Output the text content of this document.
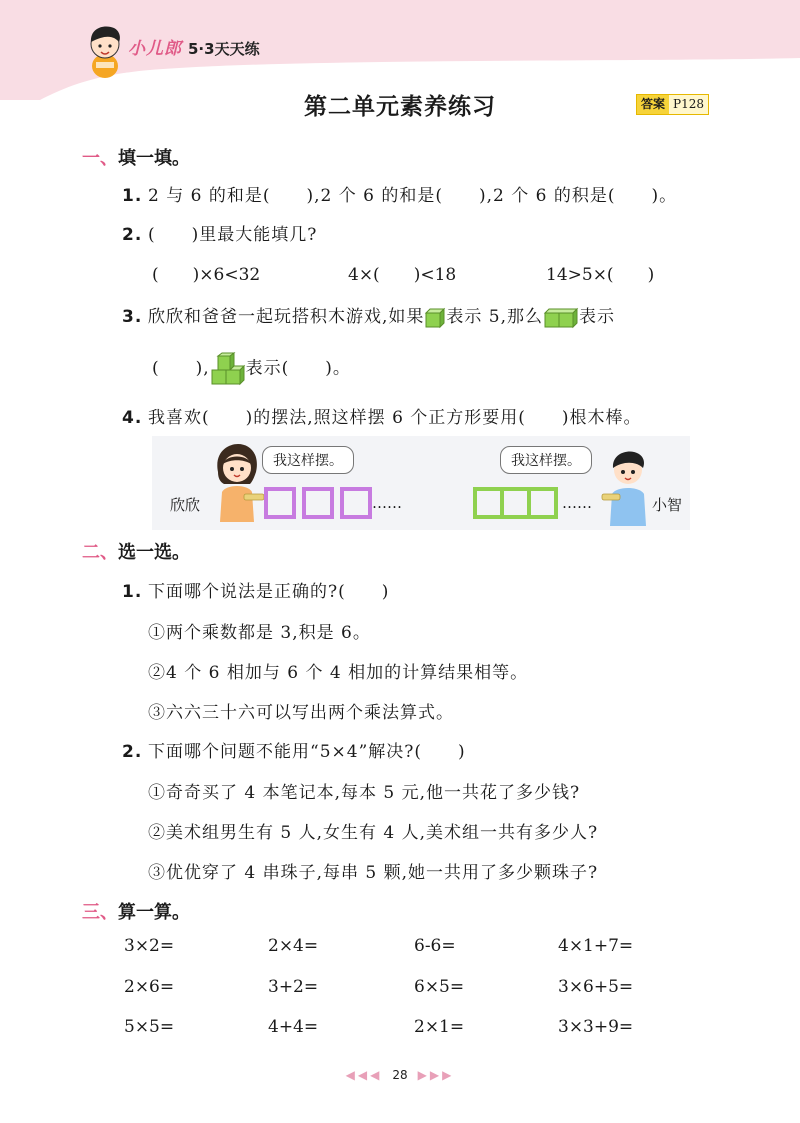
小儿郎 5·3天天练
第二单元素养练习	答案 P128
一、填一填。
1. 2 与 6 的和是(　　),2 个 6 的和是(　　),2 个 6 的积是(　　)。
2. (　　)里最大能填几?
(　　)×6<32	4×(　　)<18	14>5×(　　)
3. 欣欣和爸爸一起玩搭积木游戏,如果 表示 5,那么 表示
(　　), 表示(　　)。
4. 我喜欢(　　)的摆法,照这样摆 6 个正方形要用(　　)根木棒。
我这样摆。
欣欣	……
我这样摆。
……	小智
二、选一选。
1. 下面哪个说法是正确的?(　　)
①两个乘数都是 3,积是 6。
②4 个 6 相加与 6 个 4 相加的计算结果相等。
③六六三十六可以写出两个乘法算式。
2. 下面哪个问题不能用“5×4”解决?(　　)
①奇奇买了 4 本笔记本,每本 5 元,他一共花了多少钱?
②美术组男生有 5 人,女生有 4 人,美术组一共有多少人?
③优优穿了 4 串珠子,每串 5 颗,她一共用了多少颗珠子?
三、算一算。
3×2=	2×4=	6-6=	4×1+7=
2×6=	3+2=	6×5=	3×6+5=
5×5=	4+4=	2×1=	3×3+9=
◀◀◀ 28 ▶▶▶
